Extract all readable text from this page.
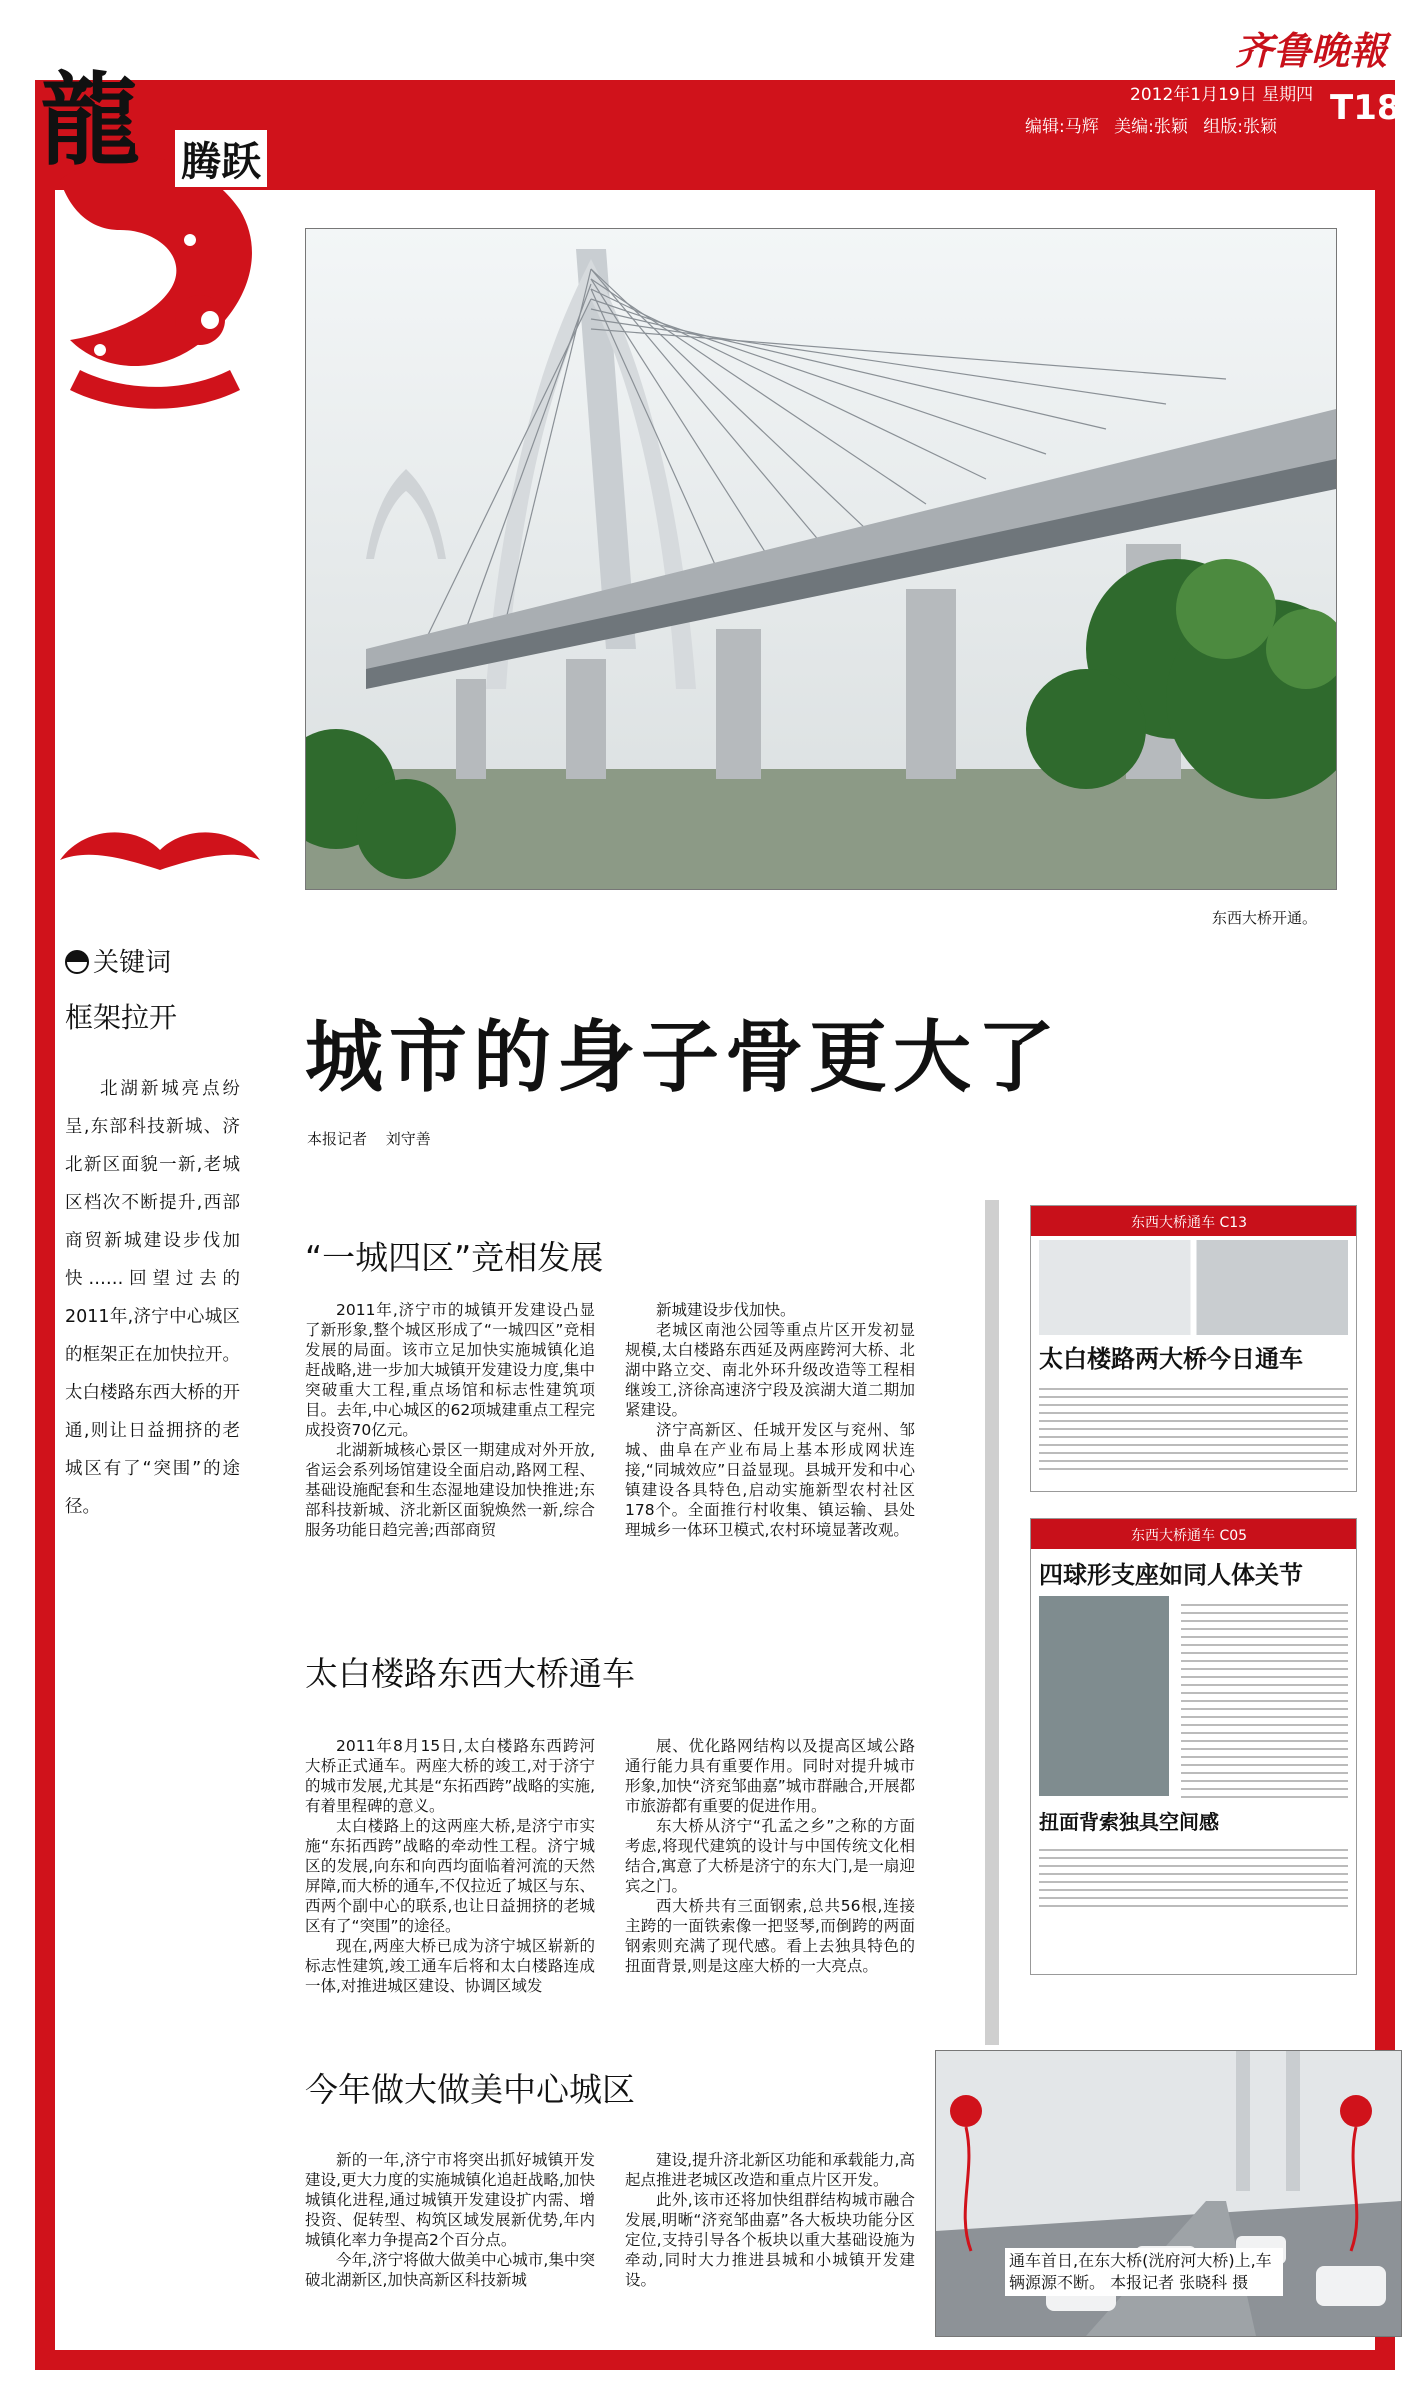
龍 腾跃
齐鲁晚報
2012年1月19日 星期四
编辑:马辉 美编:张颖 组版:张颖 T18
东西大桥开通。
关键词
框架拉开
北湖新城亮点纷呈,东部科技新城、济北新区面貌一新,老城区档次不断提升,西部商贸新城建设步伐加快……回望过去的2011年,济宁中心城区的框架正在加快拉开。太白楼路东西大桥的开通,则让日益拥挤的老城区有了“突围”的途径。
城市的身子骨更大了
本报记者 刘守善
“一城四区”竞相发展

2011年,济宁市的城镇开发建设凸显了新形象,整个城区形成了“一城四区”竞相发展的局面。该市立足加快实施城镇化追赶战略,进一步加大城镇开发建设力度,集中突破重大工程,重点场馆和标志性建筑项目。去年,中心城区的62项城建重点工程完成投资70亿元。

北湖新城核心景区一期建成对外开放,省运会系列场馆建设全面启动,路网工程、基础设施配套和生态湿地建设加快推进;东部科技新城、济北新区面貌焕然一新,综合服务功能日趋完善;西部商贸

新城建设步伐加快。

老城区南池公园等重点片区开发初显规模,太白楼路东西延及两座跨河大桥、北湖中路立交、南北外环升级改造等工程相继竣工,济徐高速济宁段及滨湖大道二期加紧建设。

济宁高新区、任城开发区与兖州、邹城、曲阜在产业布局上基本形成网状连接,“同城效应”日益显现。县城开发和中心镇建设各具特色,启动实施新型农村社区178个。全面推行村收集、镇运输、县处理城乡一体环卫模式,农村环境显著改观。

太白楼路东西大桥通车

2011年8月15日,太白楼路东西跨河大桥正式通车。两座大桥的竣工,对于济宁的城市发展,尤其是“东拓西跨”战略的实施,有着里程碑的意义。

太白楼路上的这两座大桥,是济宁市实施“东拓西跨”战略的牵动性工程。济宁城区的发展,向东和向西均面临着河流的天然屏障,而大桥的通车,不仅拉近了城区与东、西两个副中心的联系,也让日益拥挤的老城区有了“突围”的途径。

现在,两座大桥已成为济宁城区崭新的标志性建筑,竣工通车后将和太白楼路连成一体,对推进城区建设、协调区域发

展、优化路网结构以及提高区域公路通行能力具有重要作用。同时对提升城市形象,加快“济兖邹曲嘉”城市群融合,开展都市旅游都有重要的促进作用。

东大桥从济宁“孔孟之乡”之称的方面考虑,将现代建筑的设计与中国传统文化相结合,寓意了大桥是济宁的东大门,是一扇迎宾之门。

西大桥共有三面钢索,总共56根,连接主跨的一面铁索像一把竖琴,而倒跨的两面钢索则充满了现代感。看上去独具特色的扭面背景,则是这座大桥的一大亮点。

今年做大做美中心城区

新的一年,济宁市将突出抓好城镇开发建设,更大力度的实施城镇化追赶战略,加快城镇化进程,通过城镇开发建设扩内需、增投资、促转型、构筑区域发展新优势,年内城镇化率力争提高2个百分点。

今年,济宁将做大做美中心城市,集中突破北湖新区,加快高新区科技新城

建设,提升济北新区功能和承载能力,高起点推进老城区改造和重点片区开发。

此外,该市还将加快组群结构城市融合发展,明晰“济兖邹曲嘉”各大板块功能分区定位,支持引导各个板块以重大基础设施为牵动,同时大力推进县城和小城镇开发建设。

东西大桥通车 C13
太白楼路两大桥今日通车
东西大桥通车 C05
四球形支座如同人体关节
扭面背索独具空间感
通车首日,在东大桥(洸府河大桥)上,车辆源源不断。 本报记者 张晓科 摄
